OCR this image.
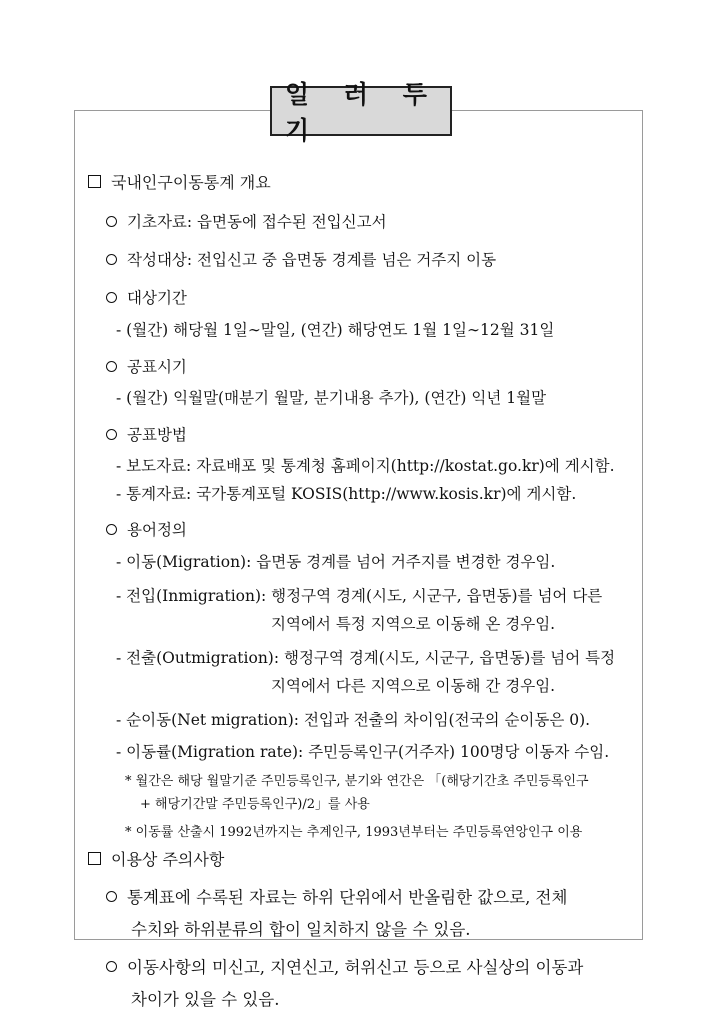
일 러 두 기
국내인구이동통계 개요
기초자료: 읍면동에 접수된 전입신고서
작성대상: 전입신고 중 읍면동 경계를 넘은 거주지 이동
대상기간
- (월간) 해당월 1일∼말일, (연간) 해당연도 1월 1일∼12월 31일
공표시기
- (월간) 익월말(매분기 월말, 분기내용 추가), (연간) 익년 1월말
공표방법
- 보도자료: 자료배포 및 통계청 홈페이지(http://kostat.go.kr)에 게시함.
- 통계자료: 국가통계포털 KOSIS(http://www.kosis.kr)에 게시함.
용어정의
- 이동(Migration): 읍면동 경계를 넘어 거주지를 변경한 경우임.
- 전입(Inmigration): 행정구역 경계(시도, 시군구, 읍면동)를 넘어 다른
지역에서 특정 지역으로 이동해 온 경우임.
- 전출(Outmigration): 행정구역 경계(시도, 시군구, 읍면동)를 넘어 특정
지역에서 다른 지역으로 이동해 간 경우임.
- 순이동(Net migration): 전입과 전출의 차이임(전국의 순이동은 0).
- 이동률(Migration rate): 주민등록인구(거주자) 100명당 이동자 수임.
* 월간은 해당 월말기준 주민등록인구, 분기와 연간은 「(해당기간초 주민등록인구
+ 해당기간말 주민등록인구)/2」를 사용
* 이동률 산출시 1992년까지는 추계인구, 1993년부터는 주민등록연앙인구 이용
이용상 주의사항
통계표에 수록된 자료는 하위 단위에서 반올림한 값으로, 전체
수치와 하위분류의 합이 일치하지 않을 수 있음.
이동사항의 미신고, 지연신고, 허위신고 등으로 사실상의 이동과
차이가 있을 수 있음.
